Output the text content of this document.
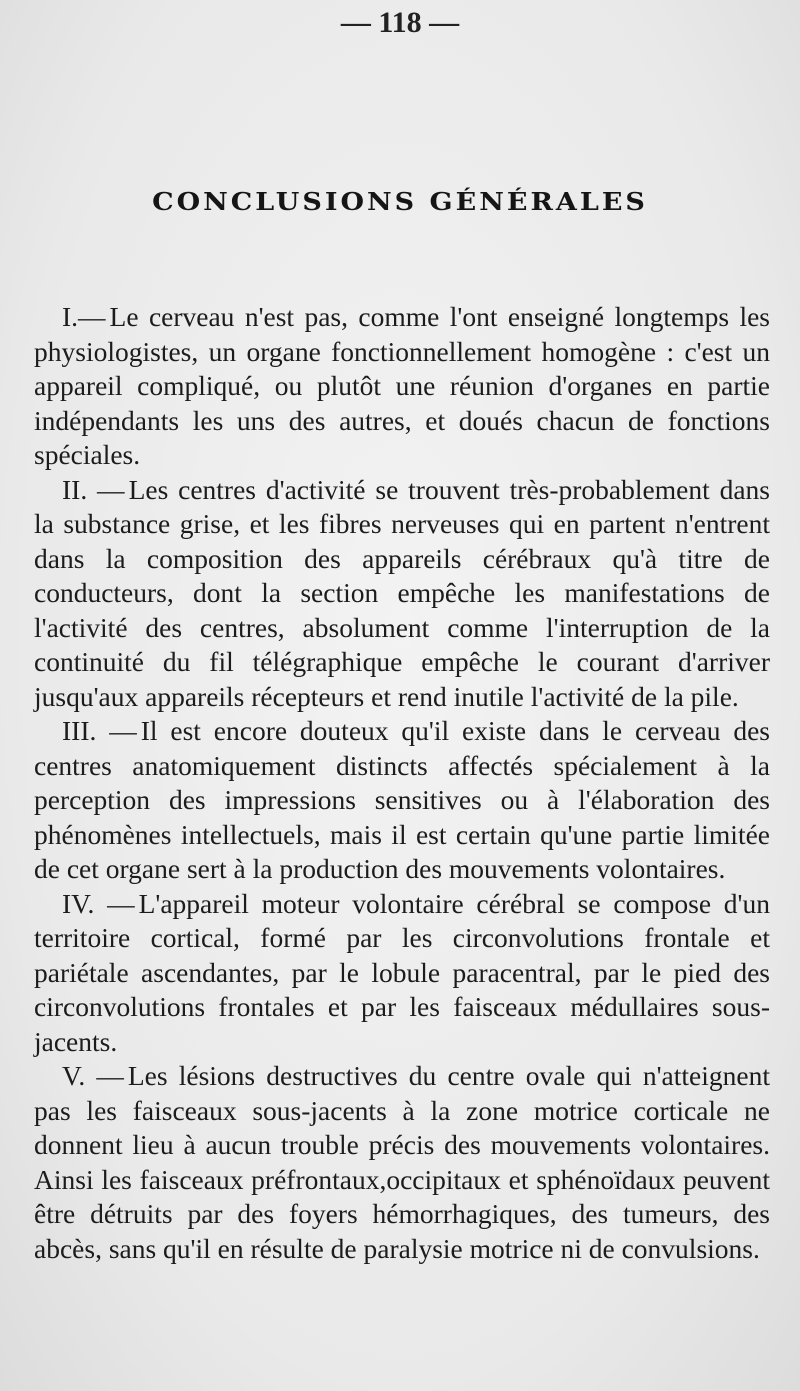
— 118 —
CONCLUSIONS GÉNÉRALES

I.— Le cerveau n'est pas, comme l'ont enseigné longtemps les physiologistes, un organe fonctionnellement homogène : c'est un appareil compliqué, ou plutôt une réunion d'organes en partie indépendants les uns des autres, et doués chacun de fonctions spéciales.

II. — Les centres d'activité se trouvent très-probablement dans la substance grise, et les fibres nerveuses qui en partent n'entrent dans la composition des appareils cérébraux qu'à titre de conducteurs, dont la section empêche les manifestations de l'activité des centres, absolument comme l'interruption de la continuité du fil télégraphique empêche le courant d'arriver jusqu'aux appareils récepteurs et rend inutile l'activité de la pile.

III. — Il est encore douteux qu'il existe dans le cerveau des centres anatomiquement distincts affectés spécialement à la perception des impressions sensitives ou à l'élaboration des phénomènes intellectuels, mais il est certain qu'une partie limitée de cet organe sert à la production des mouvements volontaires.

IV. — L'appareil moteur volontaire cérébral se compose d'un territoire cortical, formé par les circonvolutions frontale et pariétale ascendantes, par le lobule paracentral, par le pied des circonvolutions frontales et par les faisceaux médullaires sous-jacents.

V. — Les lésions destructives du centre ovale qui n'atteignent pas les faisceaux sous-jacents à la zone motrice corticale ne donnent lieu à aucun trouble précis des mouvements volontaires. Ainsi les faisceaux préfrontaux,occipitaux et sphénoïdaux peuvent être détruits par des foyers hémorrhagiques, des tumeurs, des abcès, sans qu'il en résulte de paralysie motrice ni de convulsions.
